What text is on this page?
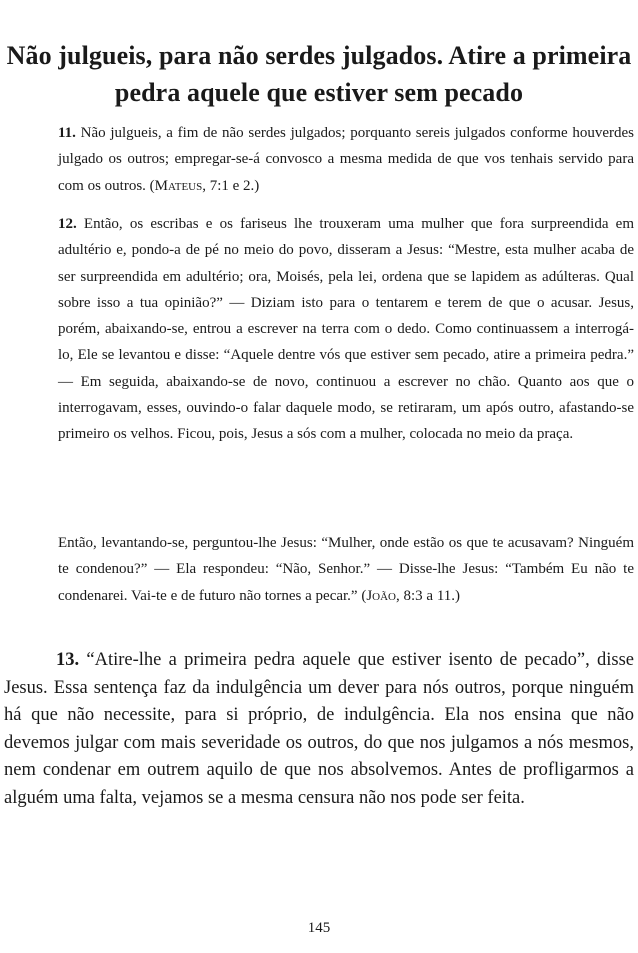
Não julgueis, para não serdes julgados. Atire a primeira pedra aquele que estiver sem pecado
11. Não julgueis, a fim de não serdes julgados; porquanto sereis julgados conforme houverdes julgado os outros; empregar-se-á convosco a mesma medida de que vos tenhais servido para com os outros. (Mateus, 7:1 e 2.)
12. Então, os escribas e os fariseus lhe trouxeram uma mulher que fora surpreendida em adultério e, pondo-a de pé no meio do povo, disseram a Jesus: “Mestre, esta mulher acaba de ser surpreendida em adultério; ora, Moisés, pela lei, ordena que se lapidem as adúlteras. Qual sobre isso a tua opinião?” — Diziam isto para o tentarem e terem de que o acusar. Jesus, porém, abaixando-se, entrou a escrever na terra com o dedo. Como continuassem a interrogá-lo, Ele se levantou e disse: “Aquele dentre vós que estiver sem pecado, atire a primeira pedra.” — Em seguida, abaixando-se de novo, continuou a escrever no chão. Quanto aos que o interrogavam, esses, ouvindo-o falar daquele modo, se retiraram, um após outro, afastando-se primeiro os velhos. Ficou, pois, Jesus a sós com a mulher, colocada no meio da praça.
Então, levantando-se, perguntou-lhe Jesus: “Mulher, onde estão os que te acusavam? Ninguém te condenou?” — Ela respondeu: “Não, Senhor.” — Disse-lhe Jesus: “Também Eu não te condenarei. Vai-te e de futuro não tornes a pecar.” (João, 8:3 a 11.)
13. “Atire-lhe a primeira pedra aquele que estiver isento de pecado”, disse Jesus. Essa sentença faz da indulgência um dever para nós outros, porque ninguém há que não necessite, para si próprio, de indulgência. Ela nos ensina que não devemos julgar com mais severidade os outros, do que nos julgamos a nós mesmos, nem condenar em outrem aquilo de que nos absolvemos. Antes de profligarmos a alguém uma falta, vejamos se a mesma censura não nos pode ser feita.
145
